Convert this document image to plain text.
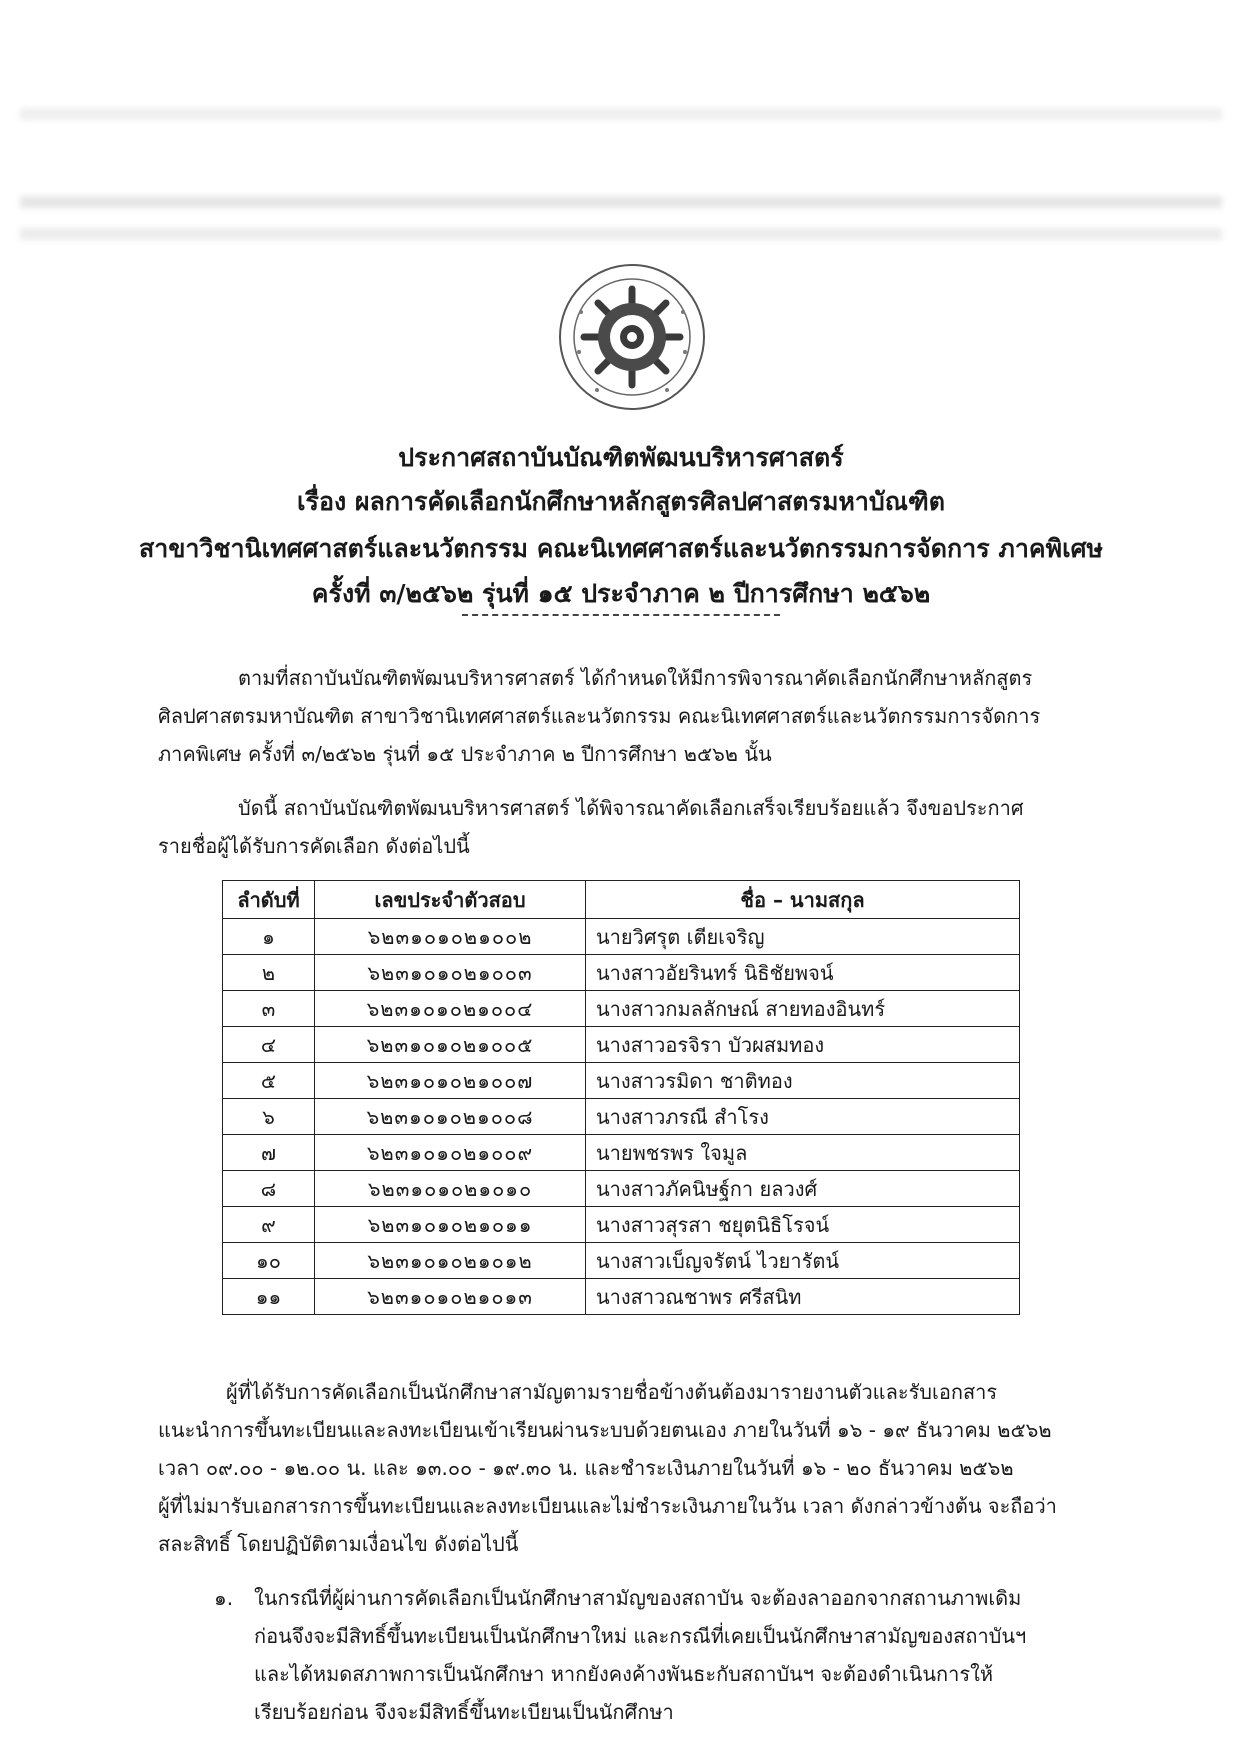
ประกาศสถาบันบัณฑิตพัฒนบริหารศาสตร์
เรื่อง ผลการคัดเลือกนักศึกษาหลักสูตรศิลปศาสตรมหาบัณฑิต
สาขาวิชานิเทศศาสตร์และนวัตกรรม คณะนิเทศศาสตร์และนวัตกรรมการจัดการ ภาคพิเศษ
ครั้งที่ ๓/๒๕๖๒ รุ่นที่ ๑๕ ประจำภาค ๒ ปีการศึกษา ๒๕๖๒
ตามที่สถาบันบัณฑิตพัฒนบริหารศาสตร์ ได้กำหนดให้มีการพิจารณาคัดเลือกนักศึกษาหลักสูตร
ศิลปศาสตรมหาบัณฑิต สาขาวิชานิเทศศาสตร์และนวัตกรรม คณะนิเทศศาสตร์และนวัตกรรมการจัดการ
ภาคพิเศษ ครั้งที่ ๓/๒๕๖๒ รุ่นที่ ๑๕ ประจำภาค ๒ ปีการศึกษา ๒๕๖๒ นั้น
บัดนี้ สถาบันบัณฑิตพัฒนบริหารศาสตร์ ได้พิจารณาคัดเลือกเสร็จเรียบร้อยแล้ว จึงขอประกาศ
รายชื่อผู้ได้รับการคัดเลือก ดังต่อไปนี้
ลำดับที่	เลขประจำตัวสอบ	ชื่อ – นามสกุล
๑	๖๒๓๑๐๑๐๒๑๐๐๒	นายวิศรุต เตียเจริญ
๒	๖๒๓๑๐๑๐๒๑๐๐๓	นางสาวอัยรินทร์ นิธิชัยพจน์
๓	๖๒๓๑๐๑๐๒๑๐๐๔	นางสาวกมลลักษณ์ สายทองอินทร์
๔	๖๒๓๑๐๑๐๒๑๐๐๕	นางสาวอรจิรา บัวผสมทอง
๕	๖๒๓๑๐๑๐๒๑๐๐๗	นางสาวรมิดา ชาติทอง
๖	๖๒๓๑๐๑๐๒๑๐๐๘	นางสาวภรณี สำโรง
๗	๖๒๓๑๐๑๐๒๑๐๐๙	นายพชรพร ใจมูล
๘	๖๒๓๑๐๑๐๒๑๐๑๐	นางสาวภัคนิษฐ์กา ยลวงศ์
๙	๖๒๓๑๐๑๐๒๑๐๑๑	นางสาวสุรสา ชยุตนิธิโรจน์
๑๐	๖๒๓๑๐๑๐๒๑๐๑๒	นางสาวเบ็ญจรัตน์ ไวยารัตน์
๑๑	๖๒๓๑๐๑๐๒๑๐๑๓	นางสาวณชาพร ศรีสนิท
ผู้ที่ได้รับการคัดเลือกเป็นนักศึกษาสามัญตามรายชื่อข้างต้นต้องมารายงานตัวและรับเอกสาร
แนะนำการขึ้นทะเบียนและลงทะเบียนเข้าเรียนผ่านระบบด้วยตนเอง ภายในวันที่ ๑๖ - ๑๙ ธันวาคม ๒๕๖๒
เวลา ๐๙.๐๐ - ๑๒.๐๐ น. และ ๑๓.๐๐ - ๑๙.๓๐ น. และชำระเงินภายในวันที่ ๑๖ - ๒๐ ธันวาคม ๒๕๖๒
ผู้ที่ไม่มารับเอกสารการขึ้นทะเบียนและลงทะเบียนและไม่ชำระเงินภายในวัน เวลา ดังกล่าวข้างต้น จะถือว่า
สละสิทธิ์ โดยปฏิบัติตามเงื่อนไข ดังต่อไปนี้
๑. ในกรณีที่ผู้ผ่านการคัดเลือกเป็นนักศึกษาสามัญของสถาบัน จะต้องลาออกจากสถานภาพเดิม
ก่อนจึงจะมีสิทธิ์ขึ้นทะเบียนเป็นนักศึกษาใหม่ และกรณีที่เคยเป็นนักศึกษาสามัญของสถาบันฯ
และได้หมดสภาพการเป็นนักศึกษา หากยังคงค้างพันธะกับสถาบันฯ จะต้องดำเนินการให้
เรียบร้อยก่อน จึงจะมีสิทธิ์ขึ้นทะเบียนเป็นนักศึกษา
